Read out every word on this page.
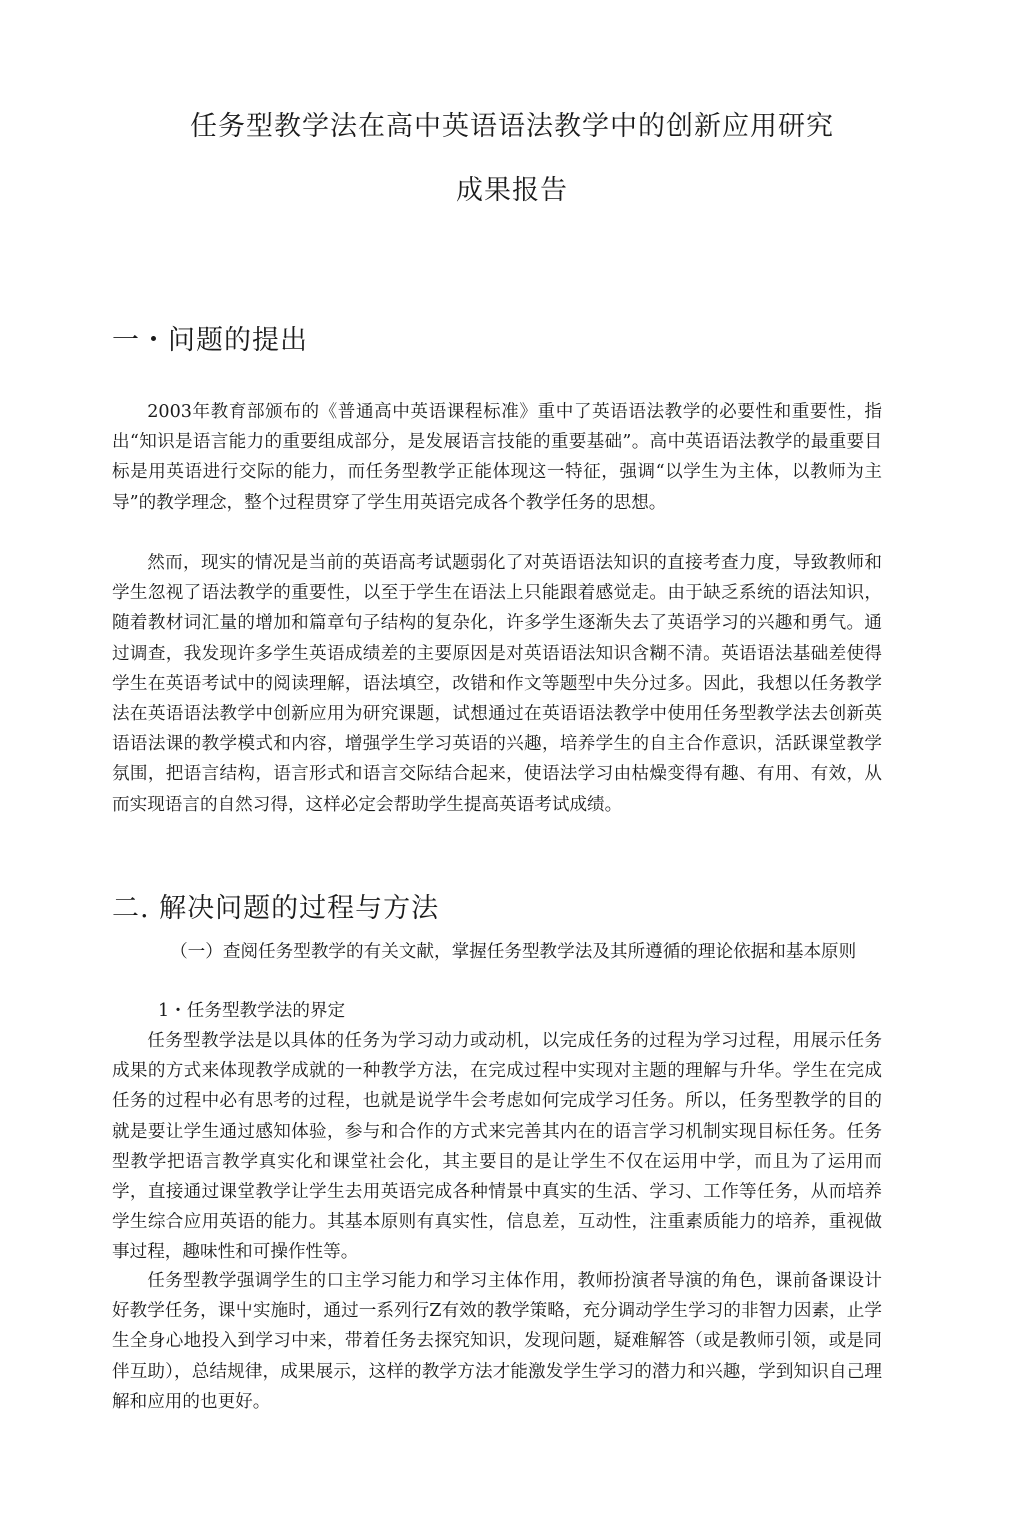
任务型教学法在高中英语语法教学中的创新应用研究
成果报告
一・问题的提出

2003年教育部颁布的《普通高中英语课程标准》重中了英语语法教学的必要性和重要性，指出“知识是语言能力的重要组成部分，是发展语言技能的重要基础”。高中英语语法教学的最重要目标是用英语进行交际的能力，而任务型教学正能体现这一特征，强调“以学生为主体，以教师为主导”的教学理念，整个过程贯穿了学生用英语完成各个教学任务的思想。

然而，现实的情况是当前的英语高考试题弱化了对英语语法知识的直接考查力度，导致教师和学生忽视了语法教学的重要性，以至于学生在语法上只能跟着感觉走。由于缺乏系统的语法知识，随着教材词汇量的增加和篇章句子结构的复杂化，许多学生逐渐失去了英语学习的兴趣和勇气。通过调查，我发现许多学生英语成绩差的主要原因是对英语语法知识含糊不清。英语语法基础差使得学生在英语考试中的阅读理解，语法填空，改错和作文等题型中失分过多。因此，我想以任务教学法在英语语法教学中创新应用为研究课题，试想通过在英语语法教学中使用任务型教学法去创新英语语法课的教学模式和内容，增强学生学习英语的兴趣，培养学生的自主合作意识，活跃课堂教学氛围，把语言结构，语言形式和语言交际结合起来，使语法学习由枯燥变得有趣、有用、有效，从而实现语言的自然习得，这样必定会帮助学生提高英语考试成绩。

二. 解决问题的过程与方法

（一）查阅任务型教学的有关文献，掌握任务型教学法及其所遵循的理论依据和基本原则

1・任务型教学法的界定

任务型教学法是以具体的任务为学习动力或动机，以完成任务的过程为学习过程，用展示任务成果的方式来体现教学成就的一种教学方法，在完成过程中实现对主题的理解与升华。学生在完成任务的过程中必有思考的过程，也就是说学牛会考虑如何完成学习任务。所以，任务型教学的目的就是要让学生通过感知体验，参与和合作的方式来完善其内在的语言学习机制实现目标任务。任务型教学把语言教学真实化和课堂社会化，其主要目的是让学生不仅在运用中学，而且为了运用而学，直接通过课堂教学让学生去用英语完成各种情景中真实的生活、学习、工作等任务，从而培养学生综合应用英语的能力。其基本原则有真实性，信息差，互动性，注重素质能力的培养，重视做事过程，趣味性和可操作性等。

任务型教学强调学生的口主学习能力和学习主体作用，教师扮演者导演的角色，课前备课设计好教学任务，课屮实施时，通过一系列行Z有效的教学策略，充分调动学生学习的非智力因素，止学生全身心地投入到学习中来，带着任务去探究知识，发现问题，疑难解答（或是教师引领，或是同伴互助），总结规律，成果展示，这样的教学方法才能激发学生学习的潜力和兴趣，学到知识自己理解和应用的也更好。
